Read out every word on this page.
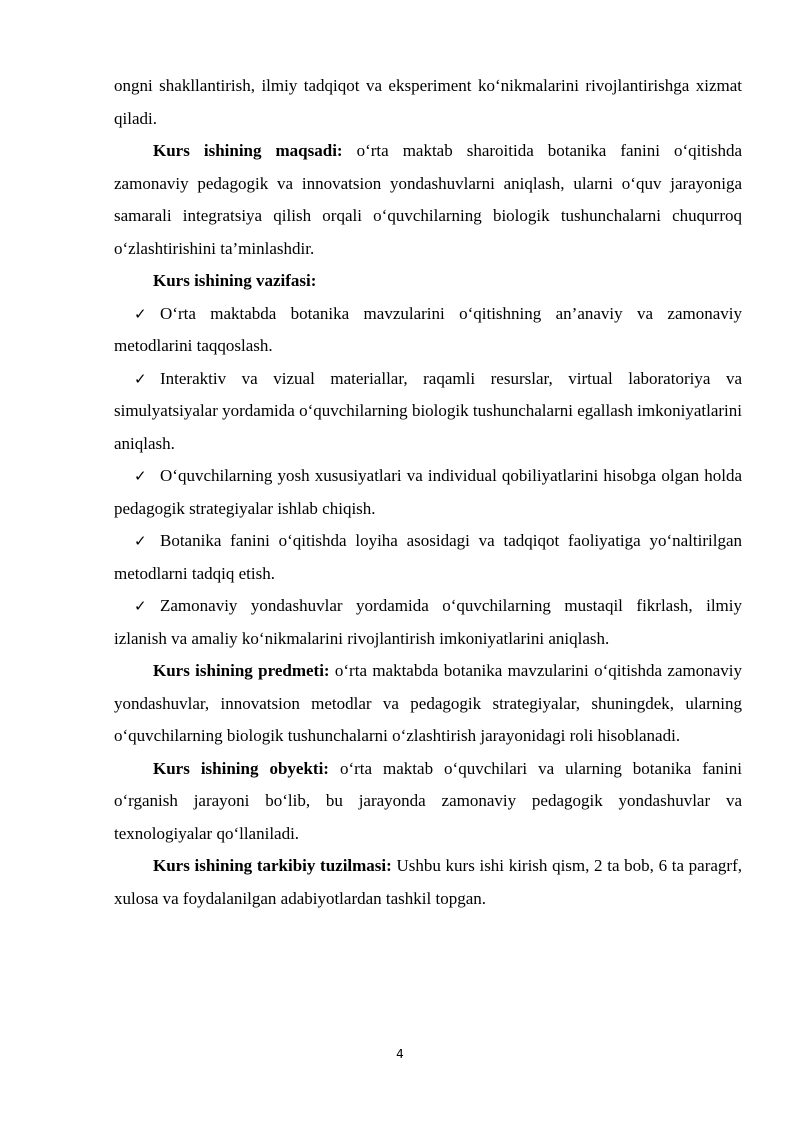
ongni shakllantirish, ilmiy tadqiqot va eksperiment ko‘nikmalarini rivojlantirishga xizmat qiladi.

Kurs ishining maqsadi: o‘rta maktab sharoitida botanika fanini o‘qitishda zamonaviy pedagogik va innovatsion yondashuvlarni aniqlash, ularni o‘quv jarayoniga samarali integratsiya qilish orqali o‘quvchilarning biologik tushunchalarni chuqurroq o‘zlashtirishini ta’minlashdir.

Kurs ishining vazifasi:

✓ O‘rta maktabda botanika mavzularini o‘qitishning an’anaviy va zamonaviy metodlarini taqqoslash.

✓ Interaktiv va vizual materiallar, raqamli resurslar, virtual laboratoriya va simulyatsiyalar yordamida o‘quvchilarning biologik tushunchalarni egallash imkoniyatlarini aniqlash.

✓ O‘quvchilarning yosh xususiyatlari va individual qobiliyatlarini hisobga olgan holda pedagogik strategiyalar ishlab chiqish.

✓ Botanika fanini o‘qitishda loyiha asosidagi va tadqiqot faoliyatiga yo‘naltirilgan metodlarni tadqiq etish.

✓ Zamonaviy yondashuvlar yordamida o‘quvchilarning mustaqil fikrlash, ilmiy izlanish va amaliy ko‘nikmalarini rivojlantirish imkoniyatlarini aniqlash.

Kurs ishining predmeti: o‘rta maktabda botanika mavzularini o‘qitishda zamonaviy yondashuvlar, innovatsion metodlar va pedagogik strategiyalar, shuningdek, ularning o‘quvchilarning biologik tushunchalarni o‘zlashtirish jarayonidagi roli hisoblanadi.

Kurs ishining obyekti: o‘rta maktab o‘quvchilari va ularning botanika fanini o‘rganish jarayoni bo‘lib, bu jarayonda zamonaviy pedagogik yondashuvlar va texnologiyalar qo‘llaniladi.

Kurs ishining tarkibiy tuzilmasi: Ushbu kurs ishi kirish qism, 2 ta bob, 6 ta paragrf, xulosa va foydalanilgan adabiyotlardan tashkil topgan.

4
